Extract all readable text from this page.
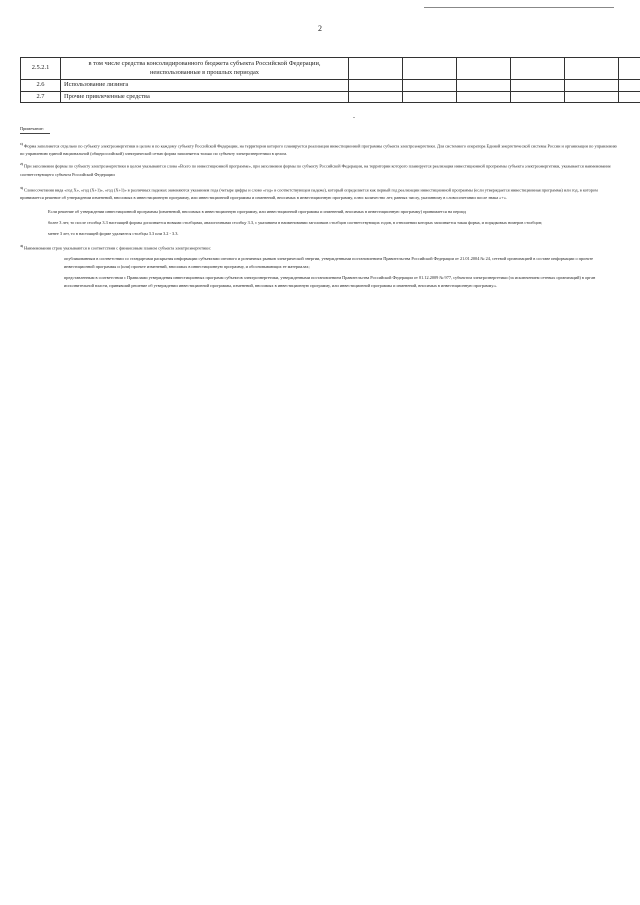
2
2.5.2.1	в том числе средства консолидированного бюджета субъекта Российской Федерации, неиспользованные в прошлых периодах						
2.6	Использование лизинга						
2.7	Прочие привлеченные средства						
-

Примечание:

$^{1)}$ Форма заполняется отдельно по субъекту электроэнергетики в целом и по каждому субъекту Российской Федерации, на территории которого планируется реализация инвестиционной программы субъекта электроэнергетики. Для системного оператора Единой энергетической системы России и организации по управлению по управлению единой национальной (общероссийской) электрической сетью форма заполняется только по субъекту электроэнергетики в целом.

$^{2)}$ При заполнении формы по субъекту электроэнергетики в целом указываются слова «Всего по инвестиционной программе», при заполнении формы по субъекту Российской Федерации, на территории которого планируется реализация инвестиционной программы субъекта электроэнергетики, указывается наименование соответствующего субъекта Российской Федерации

$^{3)}$ Словосочетания вида «год X», «год (X+1)», «год (X+1)» в различных падежах заменяются указанием года (четыре цифры и слово «год» в соответствующем падеже), который определяется как первый год реализации инвестиционной программы (если утверждается инвестиционная программа) или год, в котором принимается решение об утверждении изменений, вносимых в инвестиционную программу, или инвестиционной программы и изменений, вносимых в инвестиционную программу, плюс количество лет, равных числу, указанному в словосочетании после знака «+».

Если решение об утверждении инвестиционной программы (изменений, вносимых в инвестиционную программу, или инвестиционной программы и изменений, вносимых в инвестиционную программу) принимается на период

более 3 лет, то после столбца 3.3 настоящей формы дополняется новыми столбцами, аналогичными столбцу 3.3, с указанием в наименовании заголовков столбцов соответствующих годов, в отношении которых заполняется такая форма, и порядковых номеров столбцов;

менее 3 лет, то в настоящей форме удаляются столбцы 3.3 или 3.2 - 3.3.

$^{4)}$ Наименования строк указываются в соответствии с финансовым планом субъекта электроэнергетики:

опубликованным в соответствии со стандартами раскрытия информации субъектами оптового и розничных рынков электрической энергии, утвержденными постановлением Правительства Российской Федерации от 21.01.2004 № 24, сетевой организацией в составе информации о проекте инвестиционной программы и (или) проекте изменений, вносимых в инвестиционную программу, и обосновывающих ее материалах;

представленным в соответствии с Правилами утверждения инвестиционных программ субъектов электроэнергетики, утвержденными постановлением Правительства Российской Федерации от 01.12.2009 № 977, субъектом электроэнергетики (за исключением сетевых организаций) в орган исполнительной власти, принявший решение об утверждении инвестиционной программы, изменений, вносимых в инвестиционную программу, или инвестиционной программы и изменений, вносимых в инвестиционную программу.».
